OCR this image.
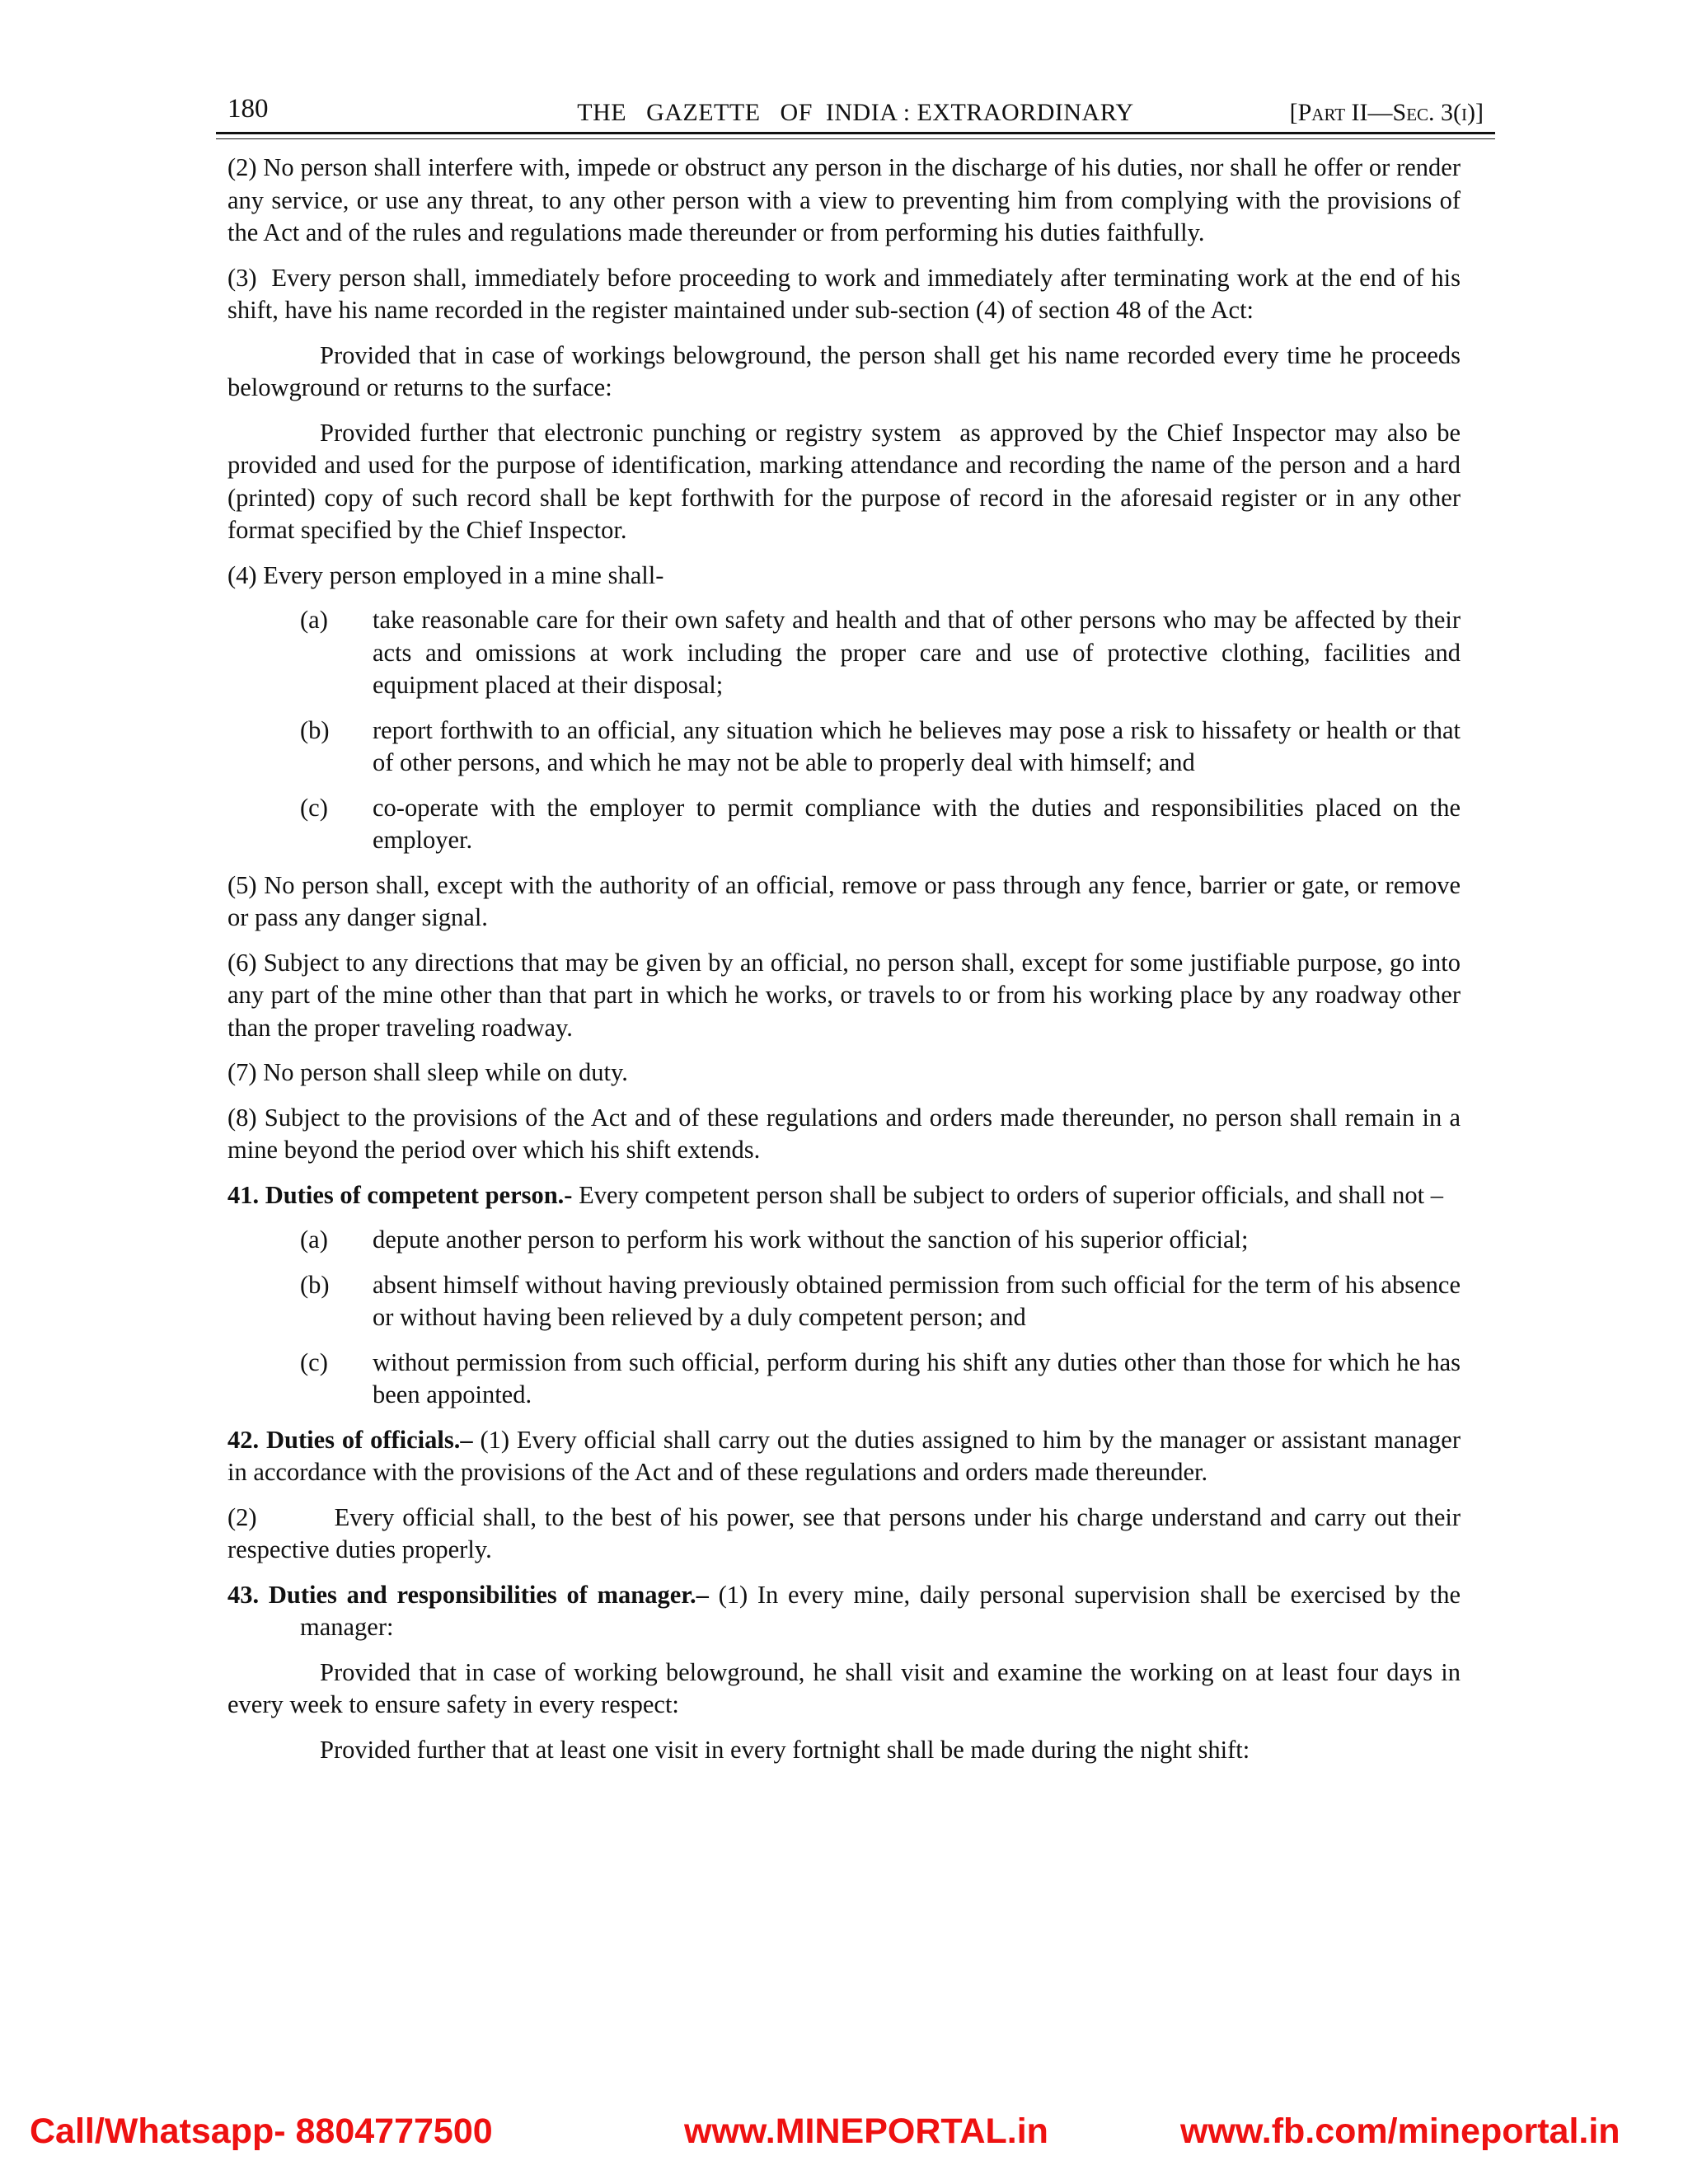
180	THE   GAZETTE   OF  INDIA : EXTRAORDINARY	[Part II—Sec. 3(i)]

(2) No person shall interfere with, impede or obstruct any person in the discharge of his duties, nor shall he offer or render any service, or use any threat, to any other person with a view to preventing him from complying with the provisions of the Act and of the rules and regulations made thereunder or from performing his duties faithfully.

(3)  Every person shall, immediately before proceeding to work and immediately after terminating work at the end of his shift, have his name recorded in the register maintained under sub-section (4) of section 48 of the Act:

Provided that in case of workings belowground, the person shall get his name recorded every time he proceeds belowground or returns to the surface:

Provided further that electronic punching or registry system  as approved by the Chief Inspector may also be provided and used for the purpose of identification, marking attendance and recording the name of the person and a hard (printed) copy of such record shall be kept forthwith for the purpose of record in the aforesaid register or in any other format specified by the Chief Inspector.

(4) Every person employed in a mine shall-

(a)	take reasonable care for their own safety and health and that of other persons who may be affected by their acts and omissions at work including the proper care and use of protective clothing, facilities and equipment placed at their disposal;
(b)	report forthwith to an official, any situation which he believes may pose a risk to hissafety or health or that of other persons, and which he may not be able to properly deal with himself; and
(c)	co-operate with the employer to permit compliance with the duties and responsibilities placed on the employer.

(5) No person shall, except with the authority of an official, remove or pass through any fence, barrier or gate, or remove or pass any danger signal.

(6) Subject to any directions that may be given by an official, no person shall, except for some justifiable purpose, go into any part of the mine other than that part in which he works, or travels to or from his working place by any roadway other than the proper traveling roadway.

(7) No person shall sleep while on duty.

(8) Subject to the provisions of the Act and of these regulations and orders made thereunder, no person shall remain in a mine beyond the period over which his shift extends.

41. Duties of competent person.- Every competent person shall be subject to orders of superior officials, and shall not –

(a)	depute another person to perform his work without the sanction of his superior official;
(b)	absent himself without having previously obtained permission from such official for the term of his absence or without having been relieved by a duly competent person; and
(c)	without permission from such official, perform during his shift any duties other than those for which he has been appointed.

42. Duties of officials.– (1) Every official shall carry out the duties assigned to him by the manager or assistant manager in accordance with the provisions of the Act and of these regulations and orders made thereunder.

(2)	Every official shall, to the best of his power, see that persons under his charge understand and carry out their respective duties properly.

43. Duties and responsibilities of manager.– (1) In every mine, daily personal supervision shall be exercised by the manager:

Provided that in case of working belowground, he shall visit and examine the working on at least four days in every week to ensure safety in every respect:

Provided further that at least one visit in every fortnight shall be made during the night shift:

Call/Whatsapp- 8804777500	www.MINEPORTAL.in	www.fb.com/mineportal.in
